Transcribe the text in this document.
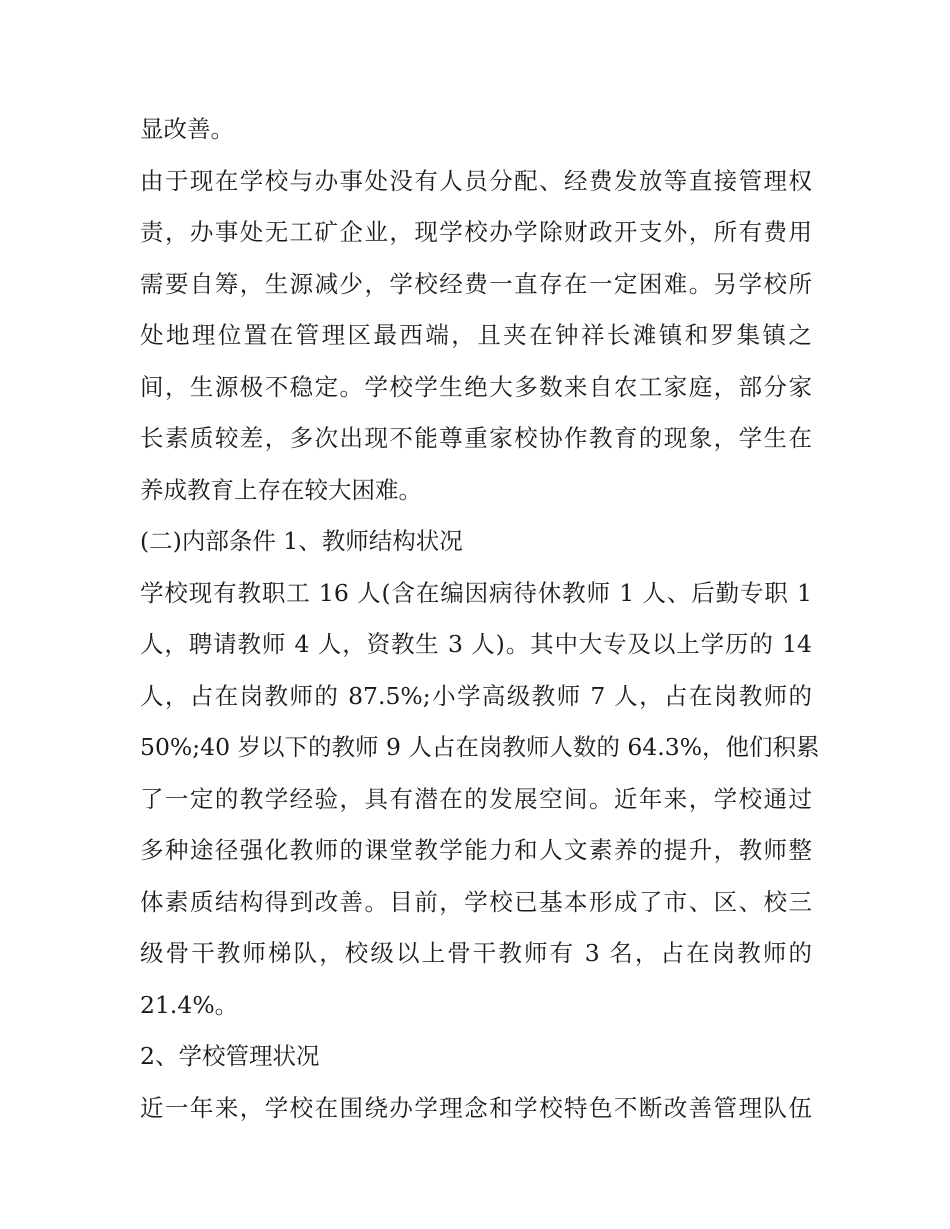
显改善。
由于现在学校与办事处没有人员分配、经费发放等直接管理权
责，办事处无工矿企业，现学校办学除财政开支外，所有费用
需要自筹，生源减少，学校经费一直存在一定困难。另学校所
处地理位置在管理区最西端，且夹在钟祥长滩镇和罗集镇之
间，生源极不稳定。学校学生绝大多数来自农工家庭，部分家
长素质较差，多次出现不能尊重家校协作教育的现象，学生在
养成教育上存在较大困难。
(二)内部条件 1、教师结构状况
学校现有教职工 16 人(含在编因病待休教师 1 人、后勤专职 1
人，聘请教师 4 人，资教生 3 人)。其中大专及以上学历的 14
人，占在岗教师的 87.5%;小学高级教师 7 人，占在岗教师的
50%;40 岁以下的教师 9 人占在岗教师人数的 64.3%，他们积累
了一定的教学经验，具有潜在的发展空间。近年来，学校通过
多种途径强化教师的课堂教学能力和人文素养的提升，教师整
体素质结构得到改善。目前，学校已基本形成了市、区、校三
级骨干教师梯队，校级以上骨干教师有 3 名，占在岗教师的
21.4%。
2、学校管理状况
近一年来，学校在围绕办学理念和学校特色不断改善管理队伍
